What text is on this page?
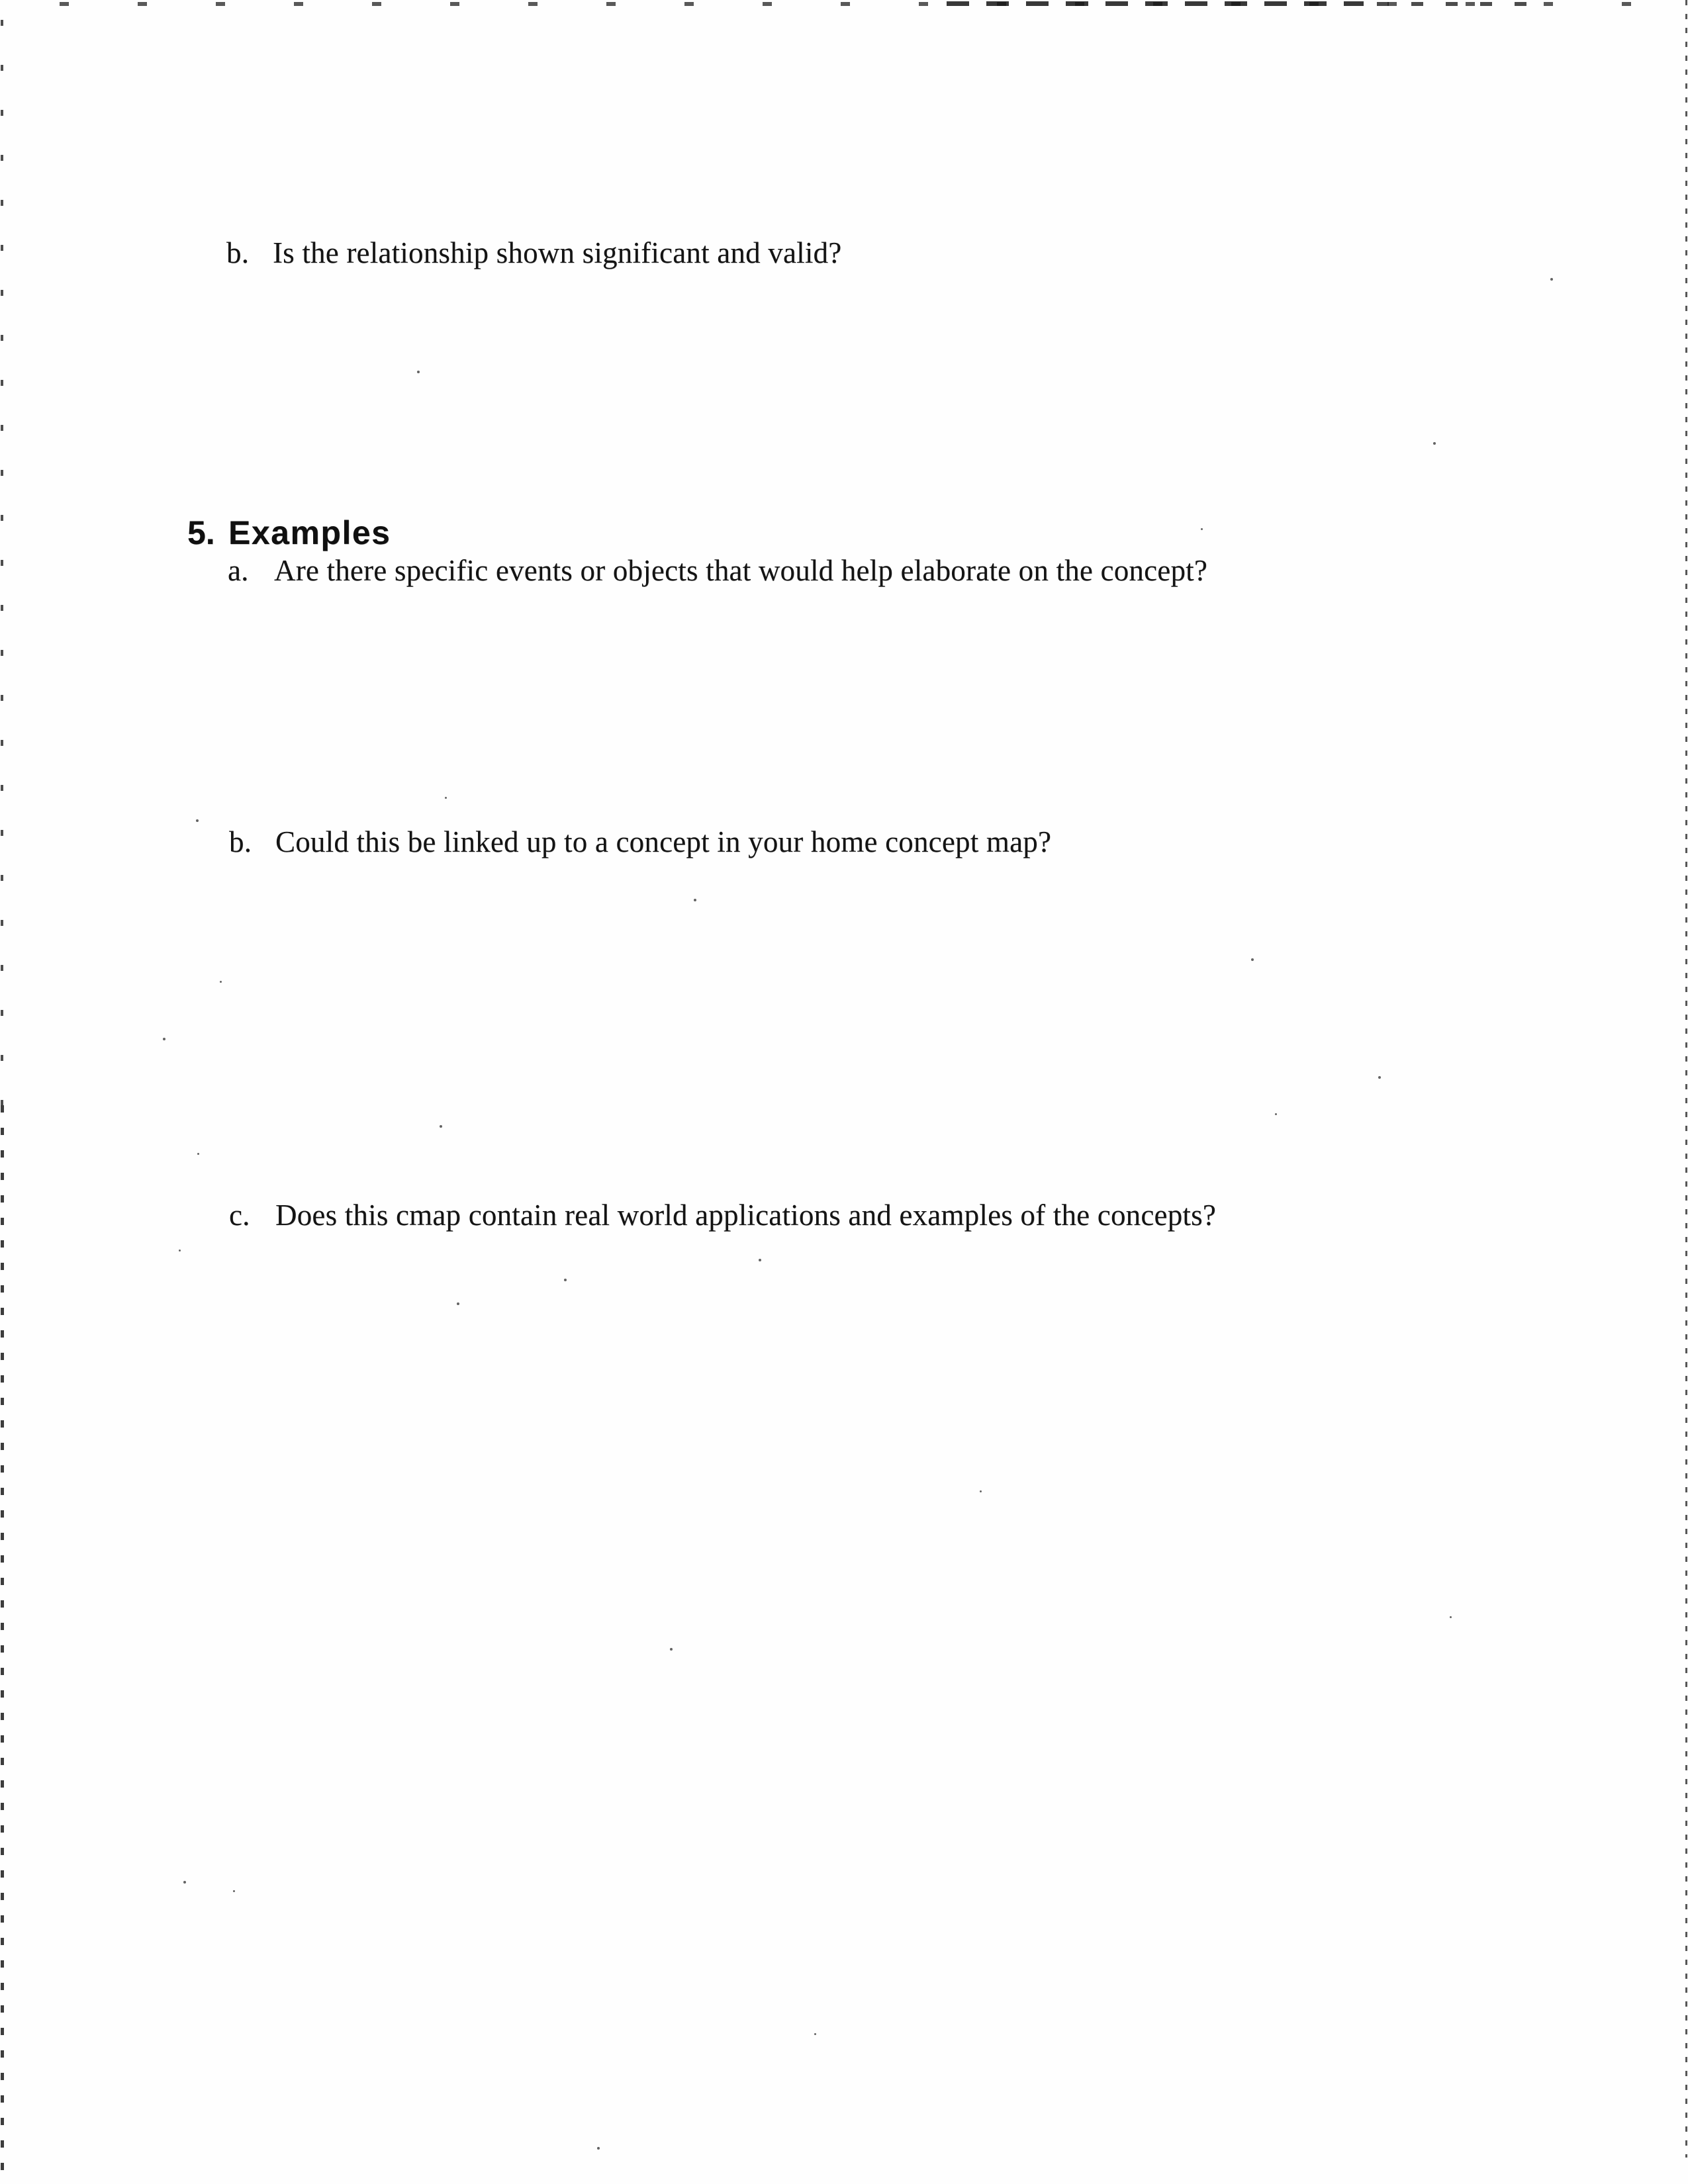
b. Is the relationship shown significant and valid?
5. Examples
a. Are there specific events or objects that would help elaborate on the concept?
b. Could this be linked up to a concept in your home concept map?
c. Does this cmap contain real world applications and examples of the concepts?
